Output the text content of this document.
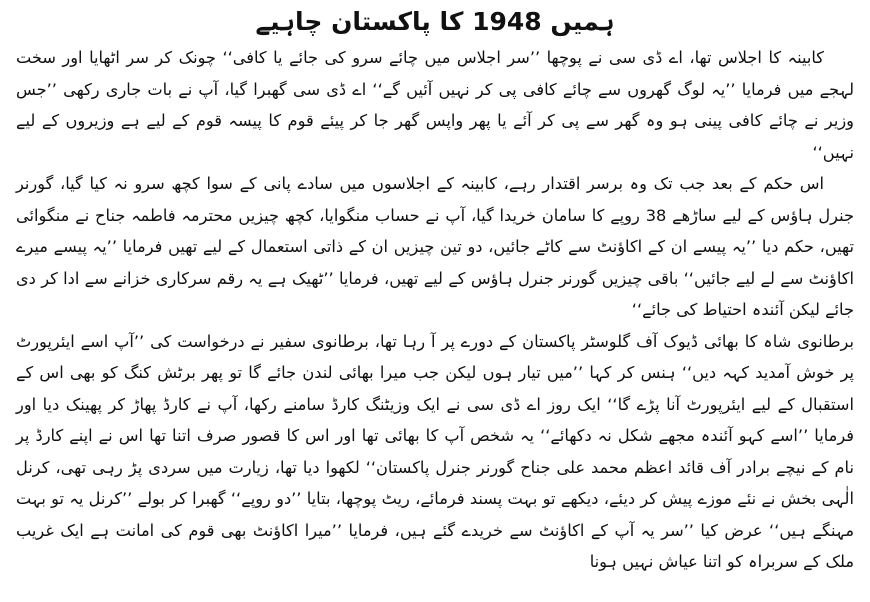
ہمیں 1948 کا پاکستان چاہیے

کابینہ کا اجلاس تھا، اے ڈی سی نے پوچھا ’’سر اجلاس میں چائے سرو کی جائے یا کافی‘‘ چونک کر سر اٹھایا اور سخت لہجے میں فرمایا ’’یہ لوگ گھروں سے چائے کافی پی کر نہیں آئیں گے‘‘ اے ڈی سی گھبرا گیا، آپ نے بات جاری رکھی ’’جس وزیر نے چائے کافی پینی ہو وہ گھر سے پی کر آئے یا پھر واپس گھر جا کر پیئے قوم کا پیسہ قوم کے لیے ہے وزیروں کے لیے نہیں‘‘

اس حکم کے بعد جب تک وہ برسر اقتدار رہے، کابینہ کے اجلاسوں میں سادے پانی کے سوا کچھ سرو نہ کیا گیا، گورنر جنرل ہاؤس کے لیے ساڑھے 38 روپے کا سامان خریدا گیا، آپ نے حساب منگوایا، کچھ چیزیں محترمہ فاطمہ جناح نے منگوائی تھیں، حکم دیا ’’یہ پیسے ان کے اکاؤنٹ سے کاٹے جائیں، دو تین چیزیں ان کے ذاتی استعمال کے لیے تھیں فرمایا ’’یہ پیسے میرے اکاؤنٹ سے لے لیے جائیں‘‘ باقی چیزیں گورنر جنرل ہاؤس کے لیے تھیں، فرمایا ’’ٹھیک ہے یہ رقم سرکاری خزانے سے ادا کر دی جائے لیکن آئندہ احتیاط کی جائے‘‘

برطانوی شاہ کا بھائی ڈیوک آف گلوسٹر پاکستان کے دورے پر آ رہا تھا، برطانوی سفیر نے درخواست کی ’’آپ اسے ایئرپورٹ پر خوش آمدید کہہ دیں‘‘ ہنس کر کہا ’’میں تیار ہوں لیکن جب میرا بھائی لندن جائے گا تو پھر برٹش کنگ کو بھی اس کے استقبال کے لیے ایئرپورٹ آنا پڑے گا‘‘ ایک روز اے ڈی سی نے ایک وزیٹنگ کارڈ سامنے رکھا، آپ نے کارڈ پھاڑ کر پھینک دیا اور فرمایا ’’اسے کہو آئندہ مجھے شکل نہ دکھائے‘‘ یہ شخص آپ کا بھائی تھا اور اس کا قصور صرف اتنا تھا اس نے اپنے کارڈ پر نام کے نیچے برادر آف قائد اعظم محمد علی جناح گورنر جنرل پاکستان‘‘ لکھوا دیا تھا، زیارت میں سردی پڑ رہی تھی، کرنل الٰہی بخش نے نئے موزے پیش کر دیئے، دیکھے تو بہت پسند فرمائے، ریٹ پوچھا، بتایا ’’دو روپے‘‘ گھبرا کر بولے ’’کرنل یہ تو بہت مہنگے ہیں‘‘ عرض کیا ’’سر یہ آپ کے اکاؤنٹ سے خریدے گئے ہیں، فرمایا ’’میرا اکاؤنٹ بھی قوم کی امانت ہے ایک غریب ملک کے سربراہ کو اتنا عیاش نہیں ہونا
